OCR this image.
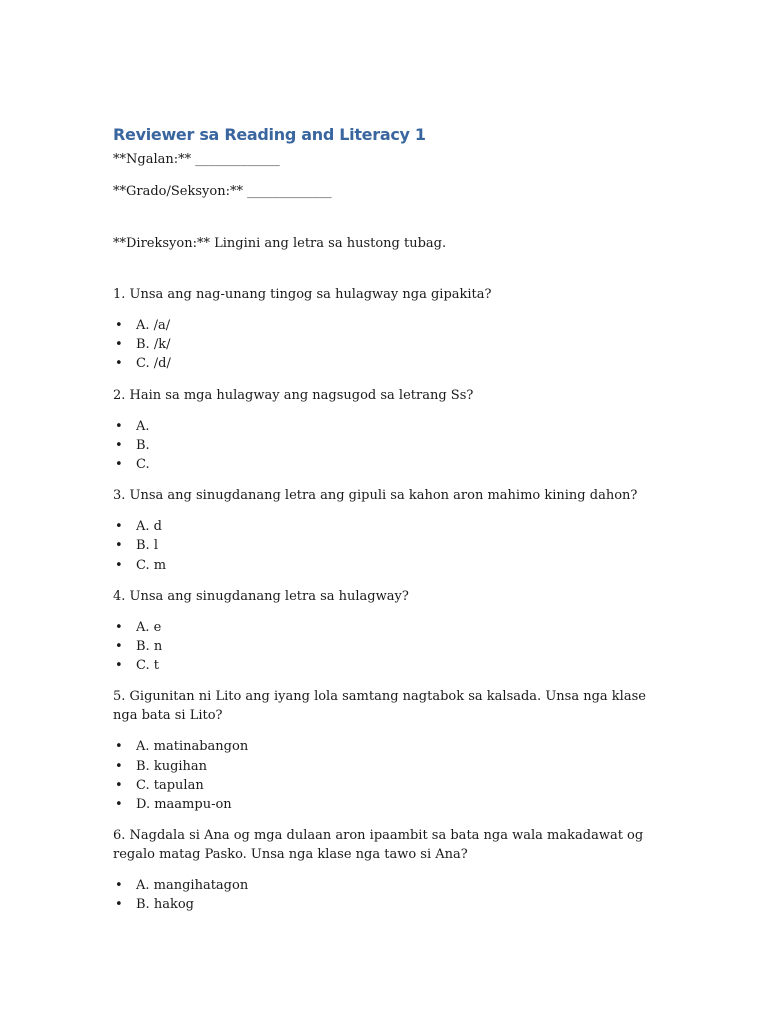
Reviewer sa Reading and Literacy 1

**Ngalan:** _____________

**Grado/Seksyon:** _____________

**Direksyon:** Lingini ang letra sa hustong tubag.

1. Unsa ang nag-unang tingog sa hulagway nga gipakita?

• A. /a/
• B. /k/
• C. /d/

2. Hain sa mga hulagway ang nagsugod sa letrang Ss?

• A.
• B.
• C.

3. Unsa ang sinugdanang letra ang gipuli sa kahon aron mahimo kining dahon?

• A. d
• B. l
• C. m

4. Unsa ang sinugdanang letra sa hulagway?

• A. e
• B. n
• C. t

5. Gigunitan ni Lito ang iyang lola samtang nagtabok sa kalsada. Unsa nga klase nga bata si Lito?

• A. matinabangon
• B. kugihan
• C. tapulan
• D. maampu-on

6. Nagdala si Ana og mga dulaan aron ipaambit sa bata nga wala makadawat og regalo matag Pasko. Unsa nga klase nga tawo si Ana?

• A. mangihatagon
• B. hakog
